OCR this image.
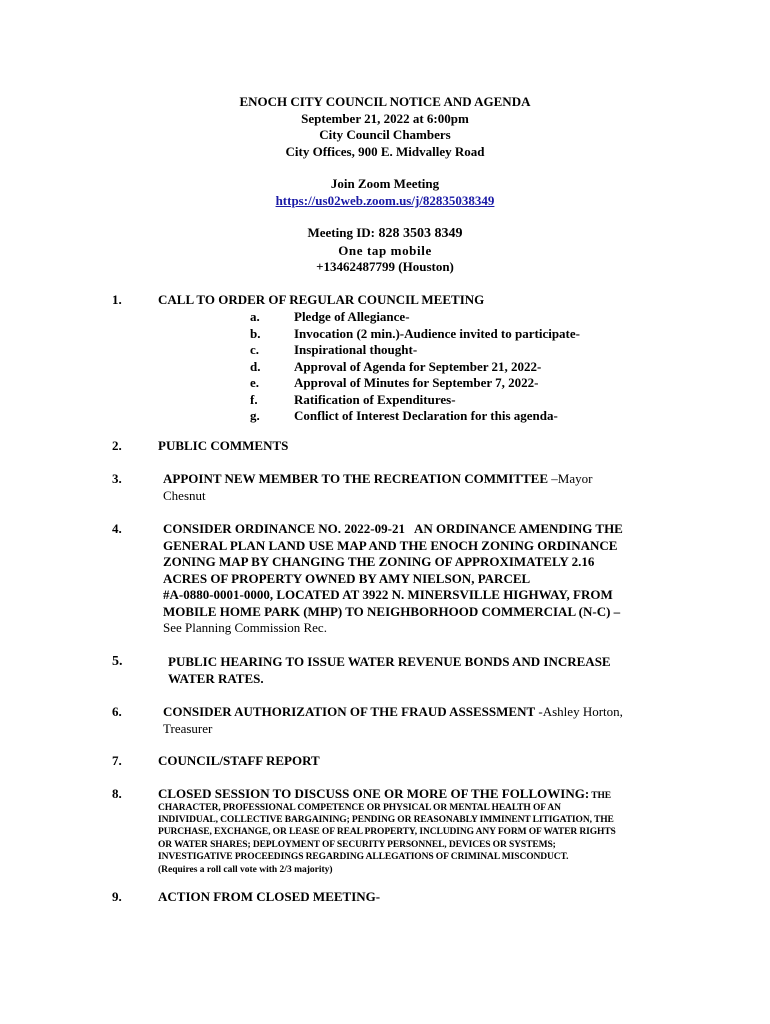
ENOCH CITY COUNCIL NOTICE AND AGENDA
September 21, 2022 at 6:00pm
City Council Chambers
City Offices, 900 E. Midvalley Road
Join Zoom Meeting
https://us02web.zoom.us/j/82835038349
Meeting ID: 828 3503 8349
One tap mobile
+13462487799 (Houston)
1.	CALL TO ORDER OF REGULAR COUNCIL MEETING
a.	Pledge of Allegiance-
b.	Invocation (2 min.)-Audience invited to participate-
c.	Inspirational thought-
d.	Approval of Agenda for September 21, 2022-
e.	Approval of Minutes for September 7, 2022-
f.	Ratification of Expenditures-
g.	Conflict of Interest Declaration for this agenda-
2.	PUBLIC COMMENTS
3.	APPOINT NEW MEMBER TO THE RECREATION COMMITTEE –Mayor
Chesnut
4.	CONSIDER ORDINANCE NO. 2022-09-21   AN ORDINANCE AMENDING THE
GENERAL PLAN LAND USE MAP AND THE ENOCH ZONING ORDINANCE
ZONING MAP BY CHANGING THE ZONING OF APPROXIMATELY 2.16
ACRES OF PROPERTY OWNED BY AMY NIELSON, PARCEL
#A-0880-0001-0000, LOCATED AT 3922 N. MINERSVILLE HIGHWAY, FROM
MOBILE HOME PARK (MHP) TO NEIGHBORHOOD COMMERCIAL (N-C) –
See Planning Commission Rec.
5.	PUBLIC HEARING TO ISSUE WATER REVENUE BONDS AND INCREASE
WATER RATES.
6.	CONSIDER AUTHORIZATION OF THE FRAUD ASSESSMENT -Ashley Horton,
Treasurer
7.	COUNCIL/STAFF REPORT
8.	CLOSED SESSION TO DISCUSS ONE OR MORE OF THE FOLLOWING: THE
CHARACTER, PROFESSIONAL COMPETENCE OR PHYSICAL OR MENTAL HEALTH OF AN
INDIVIDUAL, COLLECTIVE BARGAINING; PENDING OR REASONABLY IMMINENT LITIGATION, THE
PURCHASE, EXCHANGE, OR LEASE OF REAL PROPERTY, INCLUDING ANY FORM OF WATER RIGHTS
OR WATER SHARES; DEPLOYMENT OF SECURITY PERSONNEL, DEVICES OR SYSTEMS;
INVESTIGATIVE PROCEEDINGS REGARDING ALLEGATIONS OF CRIMINAL MISCONDUCT.
(Requires a roll call vote with 2/3 majority)
9.	ACTION FROM CLOSED MEETING-
